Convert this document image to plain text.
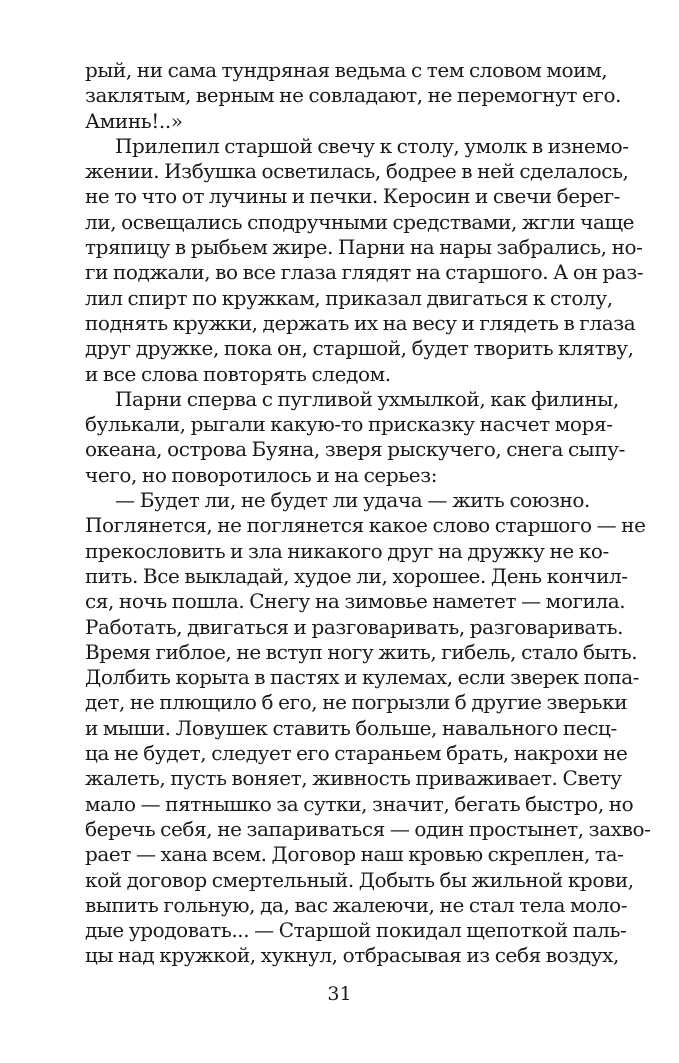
рый, ни сама тундряная ведьма с тем словом моим,
заклятым, верным не совладают, не перемогнут его.
Аминь!..»
Прилепил старшой свечу к столу, умолк в изнемо-
жении. Избушка осветилась, бодрее в ней сделалось,
не то что от лучины и печки. Керосин и свечи берег-
ли, освещались сподручными средствами, жгли чаще
тряпицу в рыбьем жире. Парни на нары забрались, но-
ги поджали, во все глаза глядят на старшого. А он раз-
лил спирт по кружкам, приказал двигаться к столу,
поднять кружки, держать их на весу и глядеть в глаза
друг дружке, пока он, старшой, будет творить клятву,
и все слова повторять следом.
Парни сперва с пугливой ухмылкой, как филины,
булькали, рыгали какую-то присказку насчет моря-
океана, острова Буяна, зверя рыскучего, снега сыпу-
чего, но поворотилось и на серьез:
— Будет ли, не будет ли удача — жить союзно.
Поглянется, не поглянется какое слово старшого — не
прекословить и зла никакого друг на дружку не ко-
пить. Все выкладай, худое ли, хорошее. День кончил-
ся, ночь пошла. Снегу на зимовье наметет — могила.
Работать, двигаться и разговаривать, разговаривать.
Время гиблое, не вступ ногу жить, гибель, стало быть.
Долбить корыта в пастях и кулемах, если зверек попа-
дет, не плющило б его, не погрызли б другие зверьки
и мыши. Ловушек ставить больше, навального песц-
ца не будет, следует его стараньем брать, накрохи не
жалеть, пусть воняет, живность приваживает. Свету
мало — пятнышко за сутки, значит, бегать быстро, но
беречь себя, не запариваться — один простынет, захво-
рает — хана всем. Договор наш кровью скреплен, та-
кой договор смертельный. Добыть бы жильной крови,
выпить гольную, да, вас жалеючи, не стал тела моло-
дые уродовать... — Старшой покидал щепоткой паль-
цы над кружкой, хукнул, отбрасывая из себя воздух,
31
